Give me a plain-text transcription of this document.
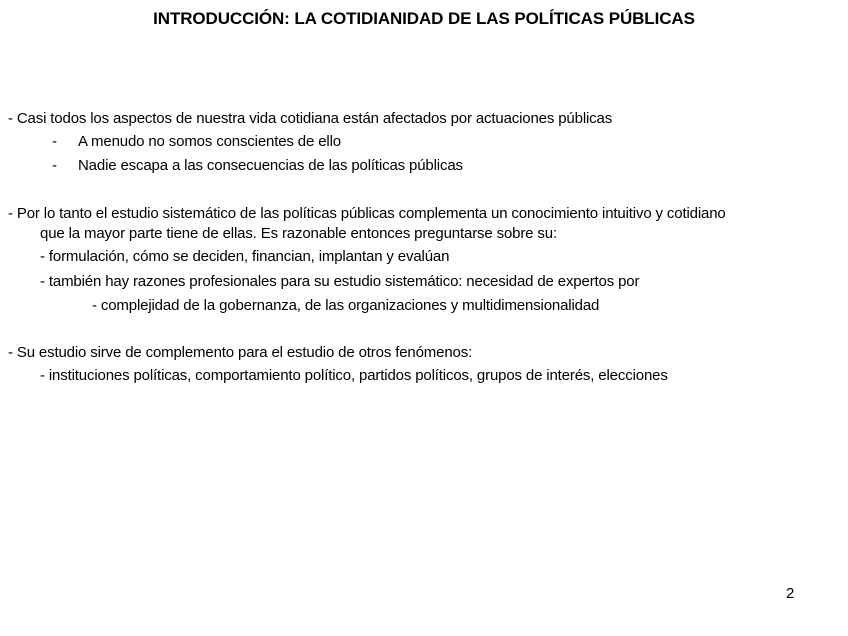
INTRODUCCIÓN: LA COTIDIANIDAD DE LAS POLÍTICAS PÚBLICAS
- Casi todos los aspectos de nuestra vida cotidiana están afectados por actuaciones públicas
- A menudo no somos conscientes de ello
- Nadie escapa a las consecuencias de las políticas públicas
- Por lo tanto el estudio sistemático de las políticas públicas complementa un conocimiento intuitivo y cotidiano
que la mayor parte tiene de ellas. Es razonable entonces preguntarse sobre su:
- formulación, cómo se deciden, financian, implantan y evalúan
- también hay razones profesionales para su estudio sistemático: necesidad de expertos por
- complejidad de la gobernanza, de las organizaciones y multidimensionalidad
- Su estudio sirve de complemento para el estudio de otros fenómenos:
- instituciones políticas, comportamiento político, partidos políticos, grupos de interés, elecciones
2
